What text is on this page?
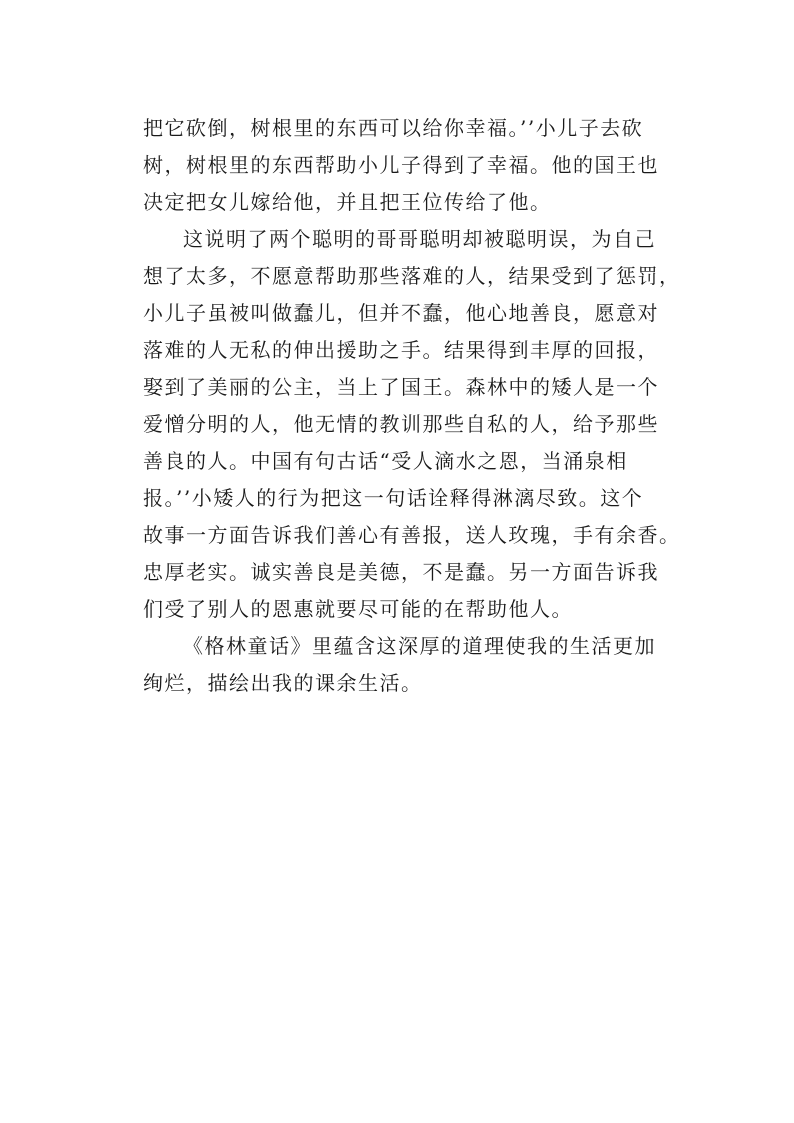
把它砍倒，树根里的东西可以给你幸福。’’小儿子去砍
树，树根里的东西帮助小儿子得到了幸福。他的国王也
决定把女儿嫁给他，并且把王位传给了他。
这说明了两个聪明的哥哥聪明却被聪明误，为自己
想了太多，不愿意帮助那些落难的人，结果受到了惩罚，
小儿子虽被叫做蠢儿，但并不蠢，他心地善良，愿意对
落难的人无私的伸出援助之手。结果得到丰厚的回报，
娶到了美丽的公主，当上了国王。森林中的矮人是一个
爱憎分明的人，他无情的教训那些自私的人，给予那些
善良的人。中国有句古话“受人滴水之恩，当涌泉相
报。’’小矮人的行为把这一句话诠释得淋漓尽致。这个
故事一方面告诉我们善心有善报，送人玫瑰，手有余香。
忠厚老实。诚实善良是美德，不是蠢。另一方面告诉我
们受了别人的恩惠就要尽可能的在帮助他人。
《格林童话》里蕴含这深厚的道理使我的生活更加
绚烂，描绘出我的课余生活。
